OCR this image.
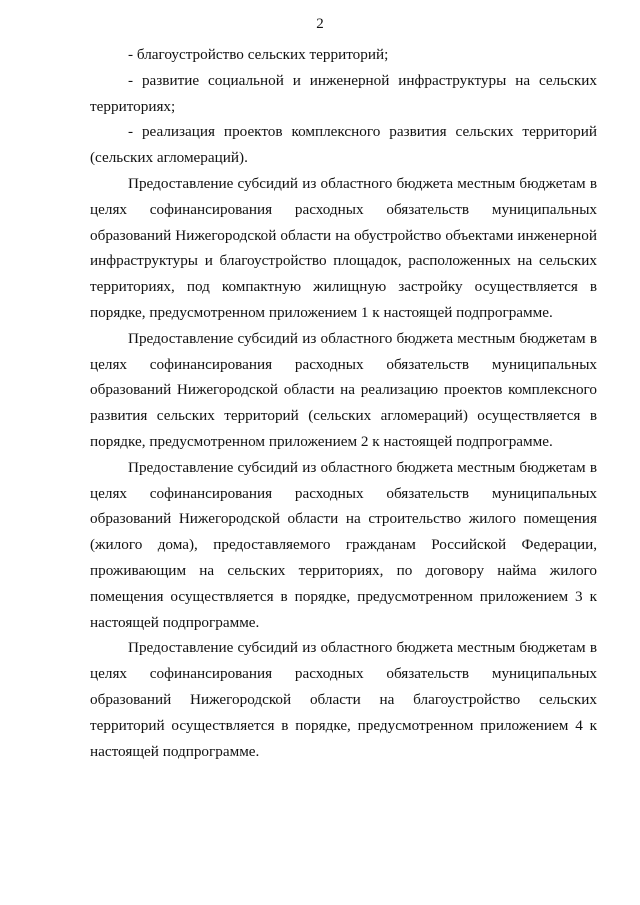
2

- благоустройство сельских территорий;

- развитие социальной и инженерной инфраструктуры на сельских территориях;

- реализация проектов комплексного развития сельских территорий (сельских агломераций).

Предоставление субсидий из областного бюджета местным бюджетам в целях софинансирования расходных обязательств муниципальных образований Нижегородской области на обустройство объектами инженерной инфраструктуры и благоустройство площадок, расположенных на сельских территориях, под компактную жилищную застройку осуществляется в порядке, предусмотренном приложением 1 к настоящей подпрограмме.

Предоставление субсидий из областного бюджета местным бюджетам в целях софинансирования расходных обязательств муниципальных образований Нижегородской области на реализацию проектов комплексного развития сельских территорий (сельских агломераций) осуществляется в порядке, предусмотренном приложением 2 к настоящей подпрограмме.

Предоставление субсидий из областного бюджета местным бюджетам в целях софинансирования расходных обязательств муниципальных образований Нижегородской области на строительство жилого помещения (жилого дома), предоставляемого гражданам Российской Федерации, проживающим на сельских территориях, по договору найма жилого помещения осуществляется в порядке, предусмотренном приложением 3 к настоящей подпрограмме.

Предоставление субсидий из областного бюджета местным бюджетам в целях софинансирования расходных обязательств муниципальных образований Нижегородской области на благоустройство сельских территорий осуществляется в порядке, предусмотренном приложением 4 к настоящей подпрограмме.
